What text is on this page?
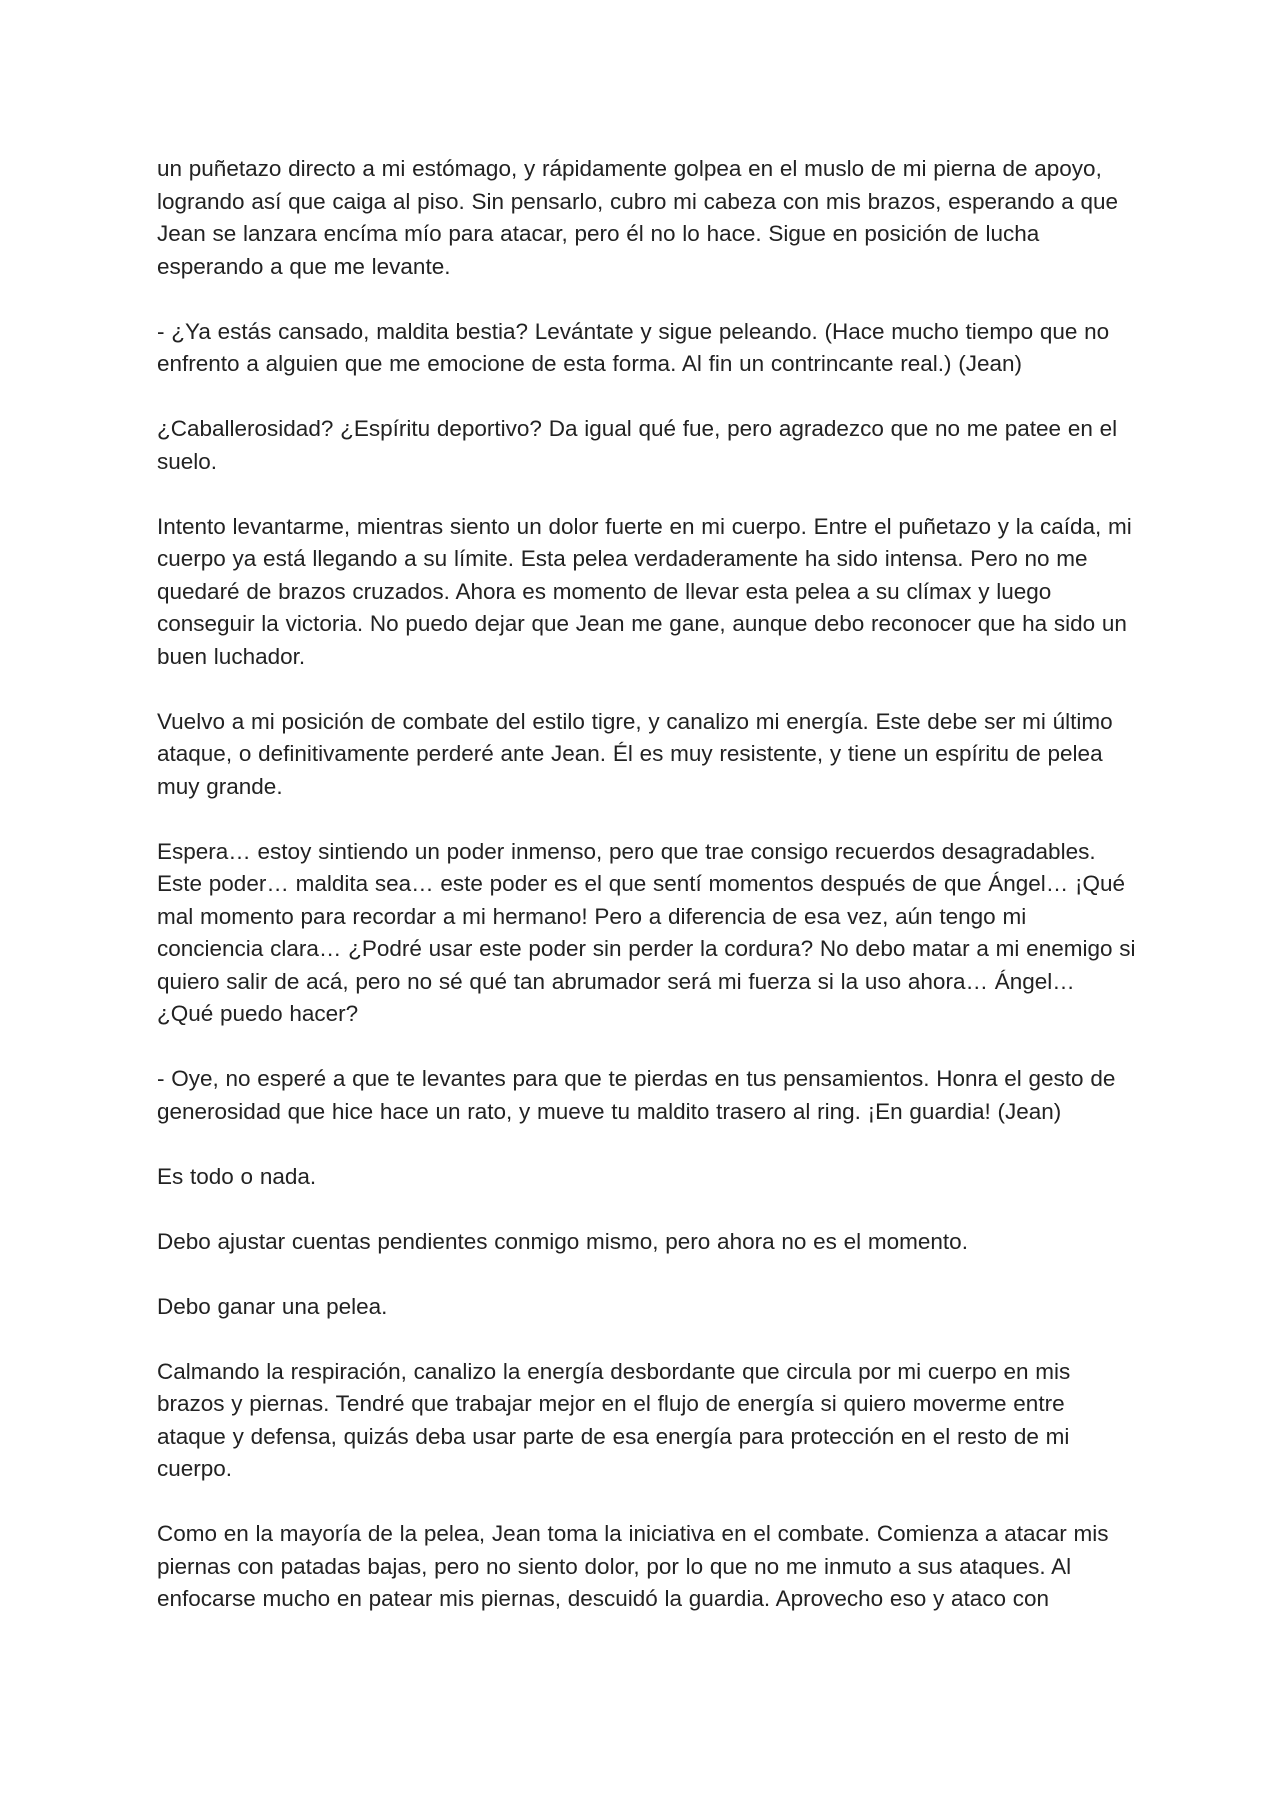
un puñetazo directo a mi estómago, y rápidamente golpea en el muslo de mi pierna de apoyo, logrando así que caiga al piso. Sin pensarlo, cubro mi cabeza con mis brazos, esperando a que Jean se lanzara encíma mío para atacar, pero él no lo hace. Sigue en posición de lucha esperando a que me levante.

- ¿Ya estás cansado, maldita bestia? Levántate y sigue peleando. (Hace mucho tiempo que no enfrento a alguien que me emocione de esta forma. Al fin un contrincante real.) (Jean)

¿Caballerosidad? ¿Espíritu deportivo? Da igual qué fue, pero agradezco que no me patee en el suelo.

Intento levantarme, mientras siento un dolor fuerte en mi cuerpo. Entre el puñetazo y la caída, mi cuerpo ya está llegando a su límite. Esta pelea verdaderamente ha sido intensa. Pero no me quedaré de brazos cruzados. Ahora es momento de llevar esta pelea a su clímax y luego conseguir la victoria. No puedo dejar que Jean me gane, aunque debo reconocer que ha sido un buen luchador.

Vuelvo a mi posición de combate del estilo tigre, y canalizo mi energía. Este debe ser mi último ataque, o definitivamente perderé ante Jean. Él es muy resistente, y tiene un espíritu de pelea muy grande.

Espera… estoy sintiendo un poder inmenso, pero que trae consigo recuerdos desagradables. Este poder… maldita sea… este poder es el que sentí momentos después de que Ángel… ¡Qué mal momento para recordar a mi hermano! Pero a diferencia de esa vez, aún tengo mi conciencia clara… ¿Podré usar este poder sin perder la cordura? No debo matar a mi enemigo si quiero salir de acá, pero no sé qué tan abrumador será mi fuerza si la uso ahora… Ángel… ¿Qué puedo hacer?

- Oye, no esperé a que te levantes para que te pierdas en tus pensamientos. Honra el gesto de generosidad que hice hace un rato, y mueve tu maldito trasero al ring. ¡En guardia! (Jean)

Es todo o nada.

Debo ajustar cuentas pendientes conmigo mismo, pero ahora no es el momento.

Debo ganar una pelea.

Calmando la respiración, canalizo la energía desbordante que circula por mi cuerpo en mis brazos y piernas. Tendré que trabajar mejor en el flujo de energía si quiero moverme entre ataque y defensa, quizás deba usar parte de esa energía para protección en el resto de mi cuerpo.

Como en la mayoría de la pelea, Jean toma la iniciativa en el combate. Comienza a atacar mis piernas con patadas bajas, pero no siento dolor, por lo que no me inmuto a sus ataques. Al enfocarse mucho en patear mis piernas, descuidó la guardia. Aprovecho eso y ataco con
